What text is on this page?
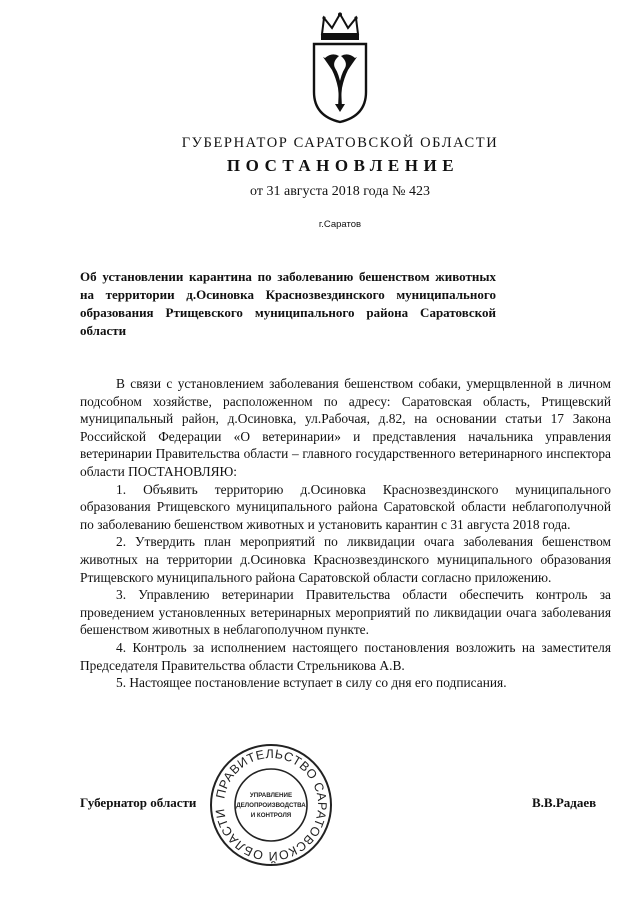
ГУБЕРНАТОР САРАТОВСКОЙ ОБЛАСТИ
ПОСТАНОВЛЕНИЕ
от 31 августа 2018 года № 423
г.Саратов
Об установлении карантина по заболеванию бешенством животных на территории д.Осиновка Краснозвездинского муниципального образования Ртищевского муниципального района Саратовской области

В связи с установлением заболевания бешенством собаки, умерщвленной в личном подсобном хозяйстве, расположенном по адресу: Саратовская область, Ртищевский муниципальный район, д.Осиновка, ул.Рабочая, д.82, на основании статьи 17 Закона Российской Федерации «О ветеринарии» и представления начальника управления ветеринарии Правительства области – главного государственного ветеринарного инспектора области ПОСТАНОВЛЯЮ:

1. Объявить территорию д.Осиновка Краснозвездинского муниципального образования Ртищевского муниципального района Саратовской области неблагополучной по заболеванию бешенством животных и установить карантин с 31 августа 2018 года.

2. Утвердить план мероприятий по ликвидации очага заболевания бешенством животных на территории д.Осиновка Краснозвездинского муниципального образования Ртищевского муниципального района Саратовской области согласно приложению.

3. Управлению ветеринарии Правительства области обеспечить контроль за проведением установленных ветеринарных мероприятий по ликвидации очага заболевания бешенством животных в неблагополучном пункте.

4. Контроль за исполнением настоящего постановления возложить на заместителя Председателя Правительства области Стрельникова А.В.

5. Настоящее постановление вступает в силу со дня его подписания.

Губернатор области	В.В.Радаев
ПРАВИТЕЛЬСТВО САРАТОВСКОЙ ОБЛАСТИ
УПРАВЛЕНИЕ
ДЕЛОПРОИЗВОДСТВА
И КОНТРОЛЯ
